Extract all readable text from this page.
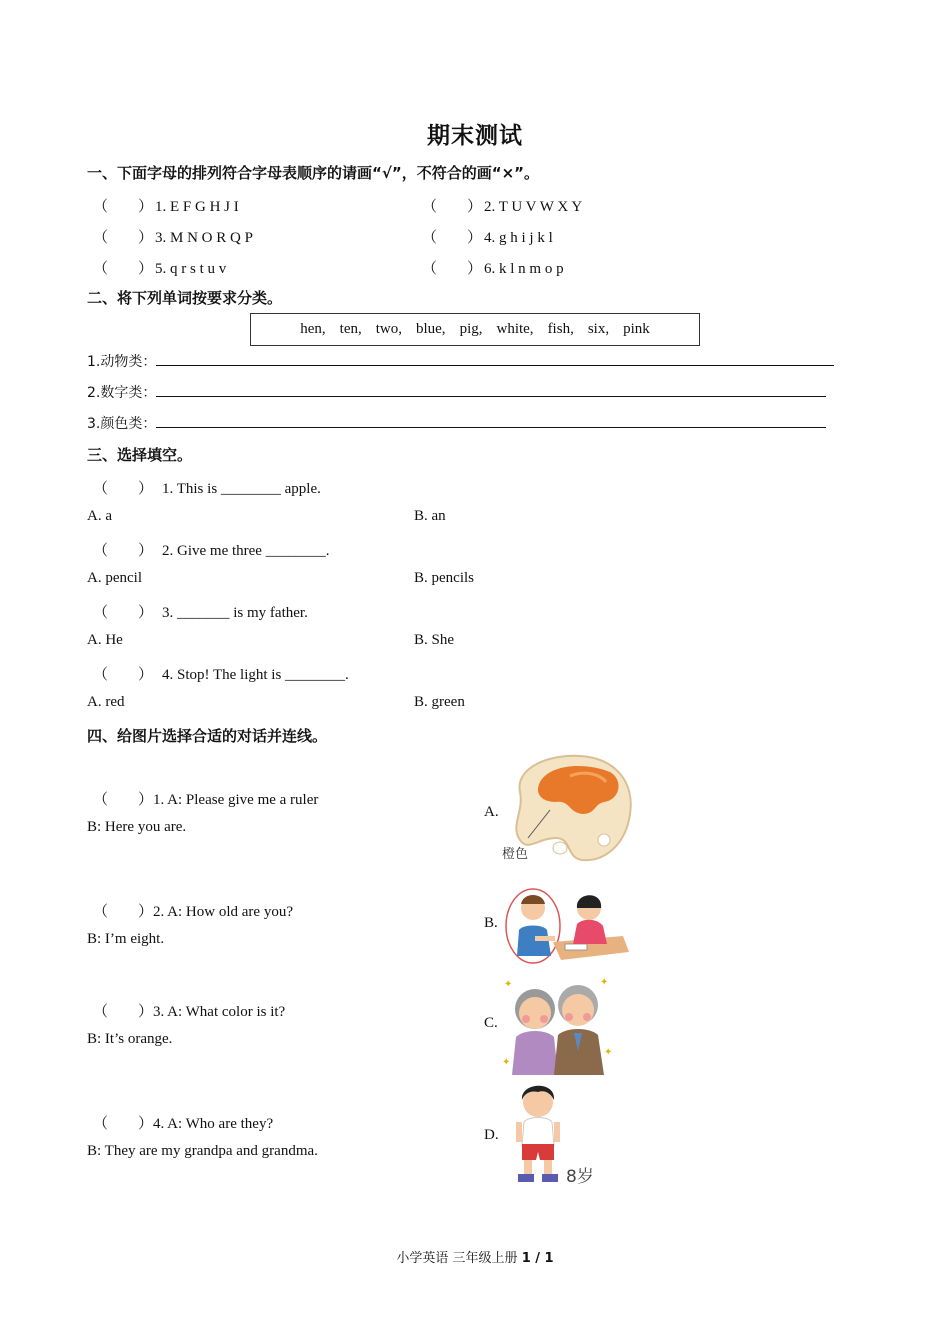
期末测试
一、下面字母的排列符合字母表顺序的请画“√”，不符合的画“×”。
（　　） 1. E F G H J I	（　　） 2. T U V W X Y
（　　） 3. M N O R Q P	（　　） 4. g h i j k l
（　　） 5. q r s t u v	（　　） 6. k l n m o p
二、将下列单词按要求分类。
hen, ten, two, blue, pig, white, fish, six, pink
1.动物类：
2.数字类：
3.颜色类：
三、选择填空。
（　　） 1. This is ________ apple.
A. a	B. an
（　　） 2. Give me three ________.
A. pencil	B. pencils
（　　） 3. _______ is my father.
A. He	B. She
（　　） 4. Stop! The light is ________.
A. red	B. green
四、给图片选择合适的对话并连线。
（　　）1. A: Please give me a ruler
B: Here you are.
（　　）2. A: How old are you?
B: I’m eight.
（　　）3. A: What color is it?
B: It’s orange.
（　　）4. A: Who are they?
B: They are my grandpa and grandma.
A.
B.
C.
D.
橙色
✦	✦
✦
✦
8岁
小学英语 三年级上册 1 / 1
